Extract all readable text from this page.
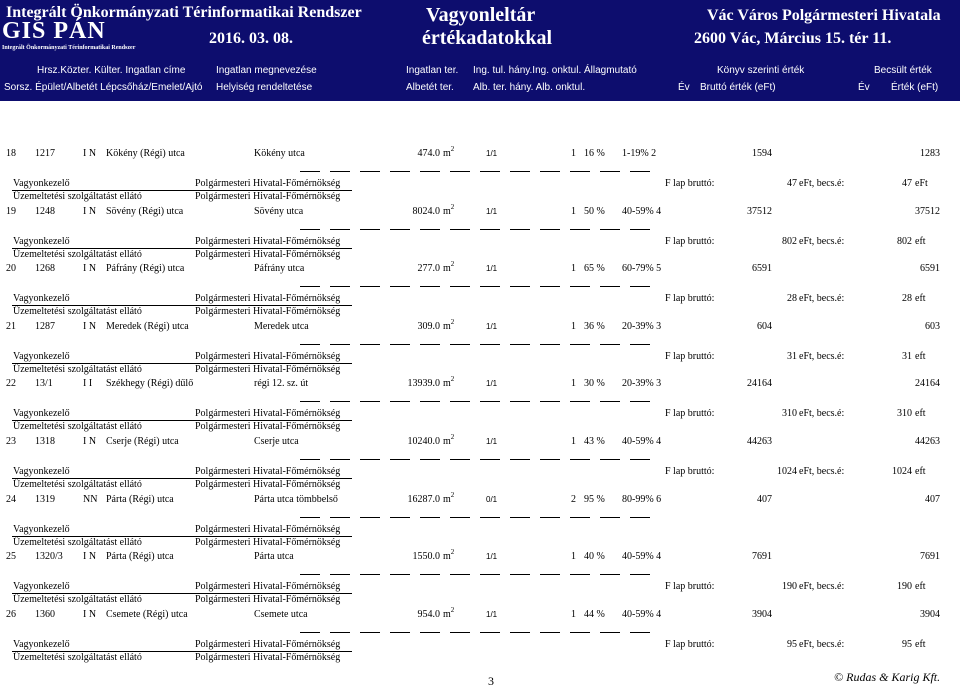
Integrált Önkormányzati Térinformatikai Rendszer
2016. 03. 08.
Vagyonleltár
értékadatokkal
Vác Város Polgármesteri Hivatala
2600 Vác, Március 15. tér 11.
GIS PÁN
Integrált Önkormányzati Térinformatikai Rendszer
Hrsz.Közter. Külter. Ingatlan címe	Ingatlan megnevezése	Ingatlan ter. Ing. tul. hány.Ing. onktul. Állagmutató	Könyv szerinti érték	Becsült érték
Sorsz. Épület/Albetét Lépcsőház/Emelet/Ajtó Helyiség rendeltetése	Albetét ter. Alb. ter. hány. Alb. onktul.	Év Bruttó érték (eFt)	Év Érték (eFt)
18 1217	I N Kökény (Régi) utca	Kökény utca	474.0 $m^2$	1/1	1 16 % 1-19% 2	1594	1283
Vagyonkezelő	Polgármesteri Hivatal-Főmérnökség
Üzemeltetési szolgáltatást ellátó	Polgármesteri Hivatal-Főmérnökség
F lap bruttó:	47 eFt, becs.é:	47 eFt
19 1248	I N Sövény (Régi) utca	Sövény utca	8024.0 $m^2$	1/1	1 50 % 40-59% 4	37512	37512
Vagyonkezelő	Polgármesteri Hivatal-Főmérnökség
Üzemeltetési szolgáltatást ellátó	Polgármesteri Hivatal-Főmérnökség
F lap bruttó:	802 eFt, becs.é:	802 eft
20 1268	I N Páfrány (Régi) utca	Páfrány utca	277.0 $m^2$	1/1	1 65 % 60-79% 5	6591	6591
Vagyonkezelő	Polgármesteri Hivatal-Főmérnökség
Üzemeltetési szolgáltatást ellátó	Polgármesteri Hivatal-Főmérnökség
F lap bruttó:	28 eFt, becs.é:	28 eft
21 1287	I N Meredek (Régi) utca	Meredek utca	309.0 $m^2$	1/1	1 36 % 20-39% 3	604	603
Vagyonkezelő	Polgármesteri Hivatal-Főmérnökség
Üzemeltetési szolgáltatást ellátó	Polgármesteri Hivatal-Főmérnökség
F lap bruttó:	31 eFt, becs.é:	31 eft
22 13/1	I I Székhegy (Régi) dűlő	régi 12. sz. út	13939.0 $m^2$	1/1	1 30 % 20-39% 3	24164	24164
Vagyonkezelő	Polgármesteri Hivatal-Főmérnökség
Üzemeltetési szolgáltatást ellátó	Polgármesteri Hivatal-Főmérnökség
F lap bruttó:	310 eFt, becs.é:	310 eft
23 1318	I N Cserje (Régi) utca	Cserje utca	10240.0 $m^2$	1/1	1 43 % 40-59% 4	44263	44263
Vagyonkezelő	Polgármesteri Hivatal-Főmérnökség
Üzemeltetési szolgáltatást ellátó	Polgármesteri Hivatal-Főmérnökség
F lap bruttó:	1024 eFt, becs.é:	1024 eft
24 1319	NN Párta (Régi) utca	Párta utca tömbbelső	16287.0 $m^2$	0/1	2 95 % 80-99% 6	407	407
Vagyonkezelő	Polgármesteri Hivatal-Főmérnökség
Üzemeltetési szolgáltatást ellátó	Polgármesteri Hivatal-Főmérnökség
25 1320/3 I N Párta (Régi) utca	Párta utca	1550.0 $m^2$	1/1	1 40 % 40-59% 4	7691	7691
Vagyonkezelő	Polgármesteri Hivatal-Főmérnökség
Üzemeltetési szolgáltatást ellátó	Polgármesteri Hivatal-Főmérnökség
F lap bruttó:	190 eFt, becs.é:	190 eft
26 1360	I N Csemete (Régi) utca	Csemete utca	954.0 $m^2$	1/1	1 44 % 40-59% 4	3904	3904
Vagyonkezelő	Polgármesteri Hivatal-Főmérnökség
Üzemeltetési szolgáltatást ellátó	Polgármesteri Hivatal-Főmérnökség
F lap bruttó:	95 eFt, becs.é:	95 eft
3	© Rudas & Karig Kft.
